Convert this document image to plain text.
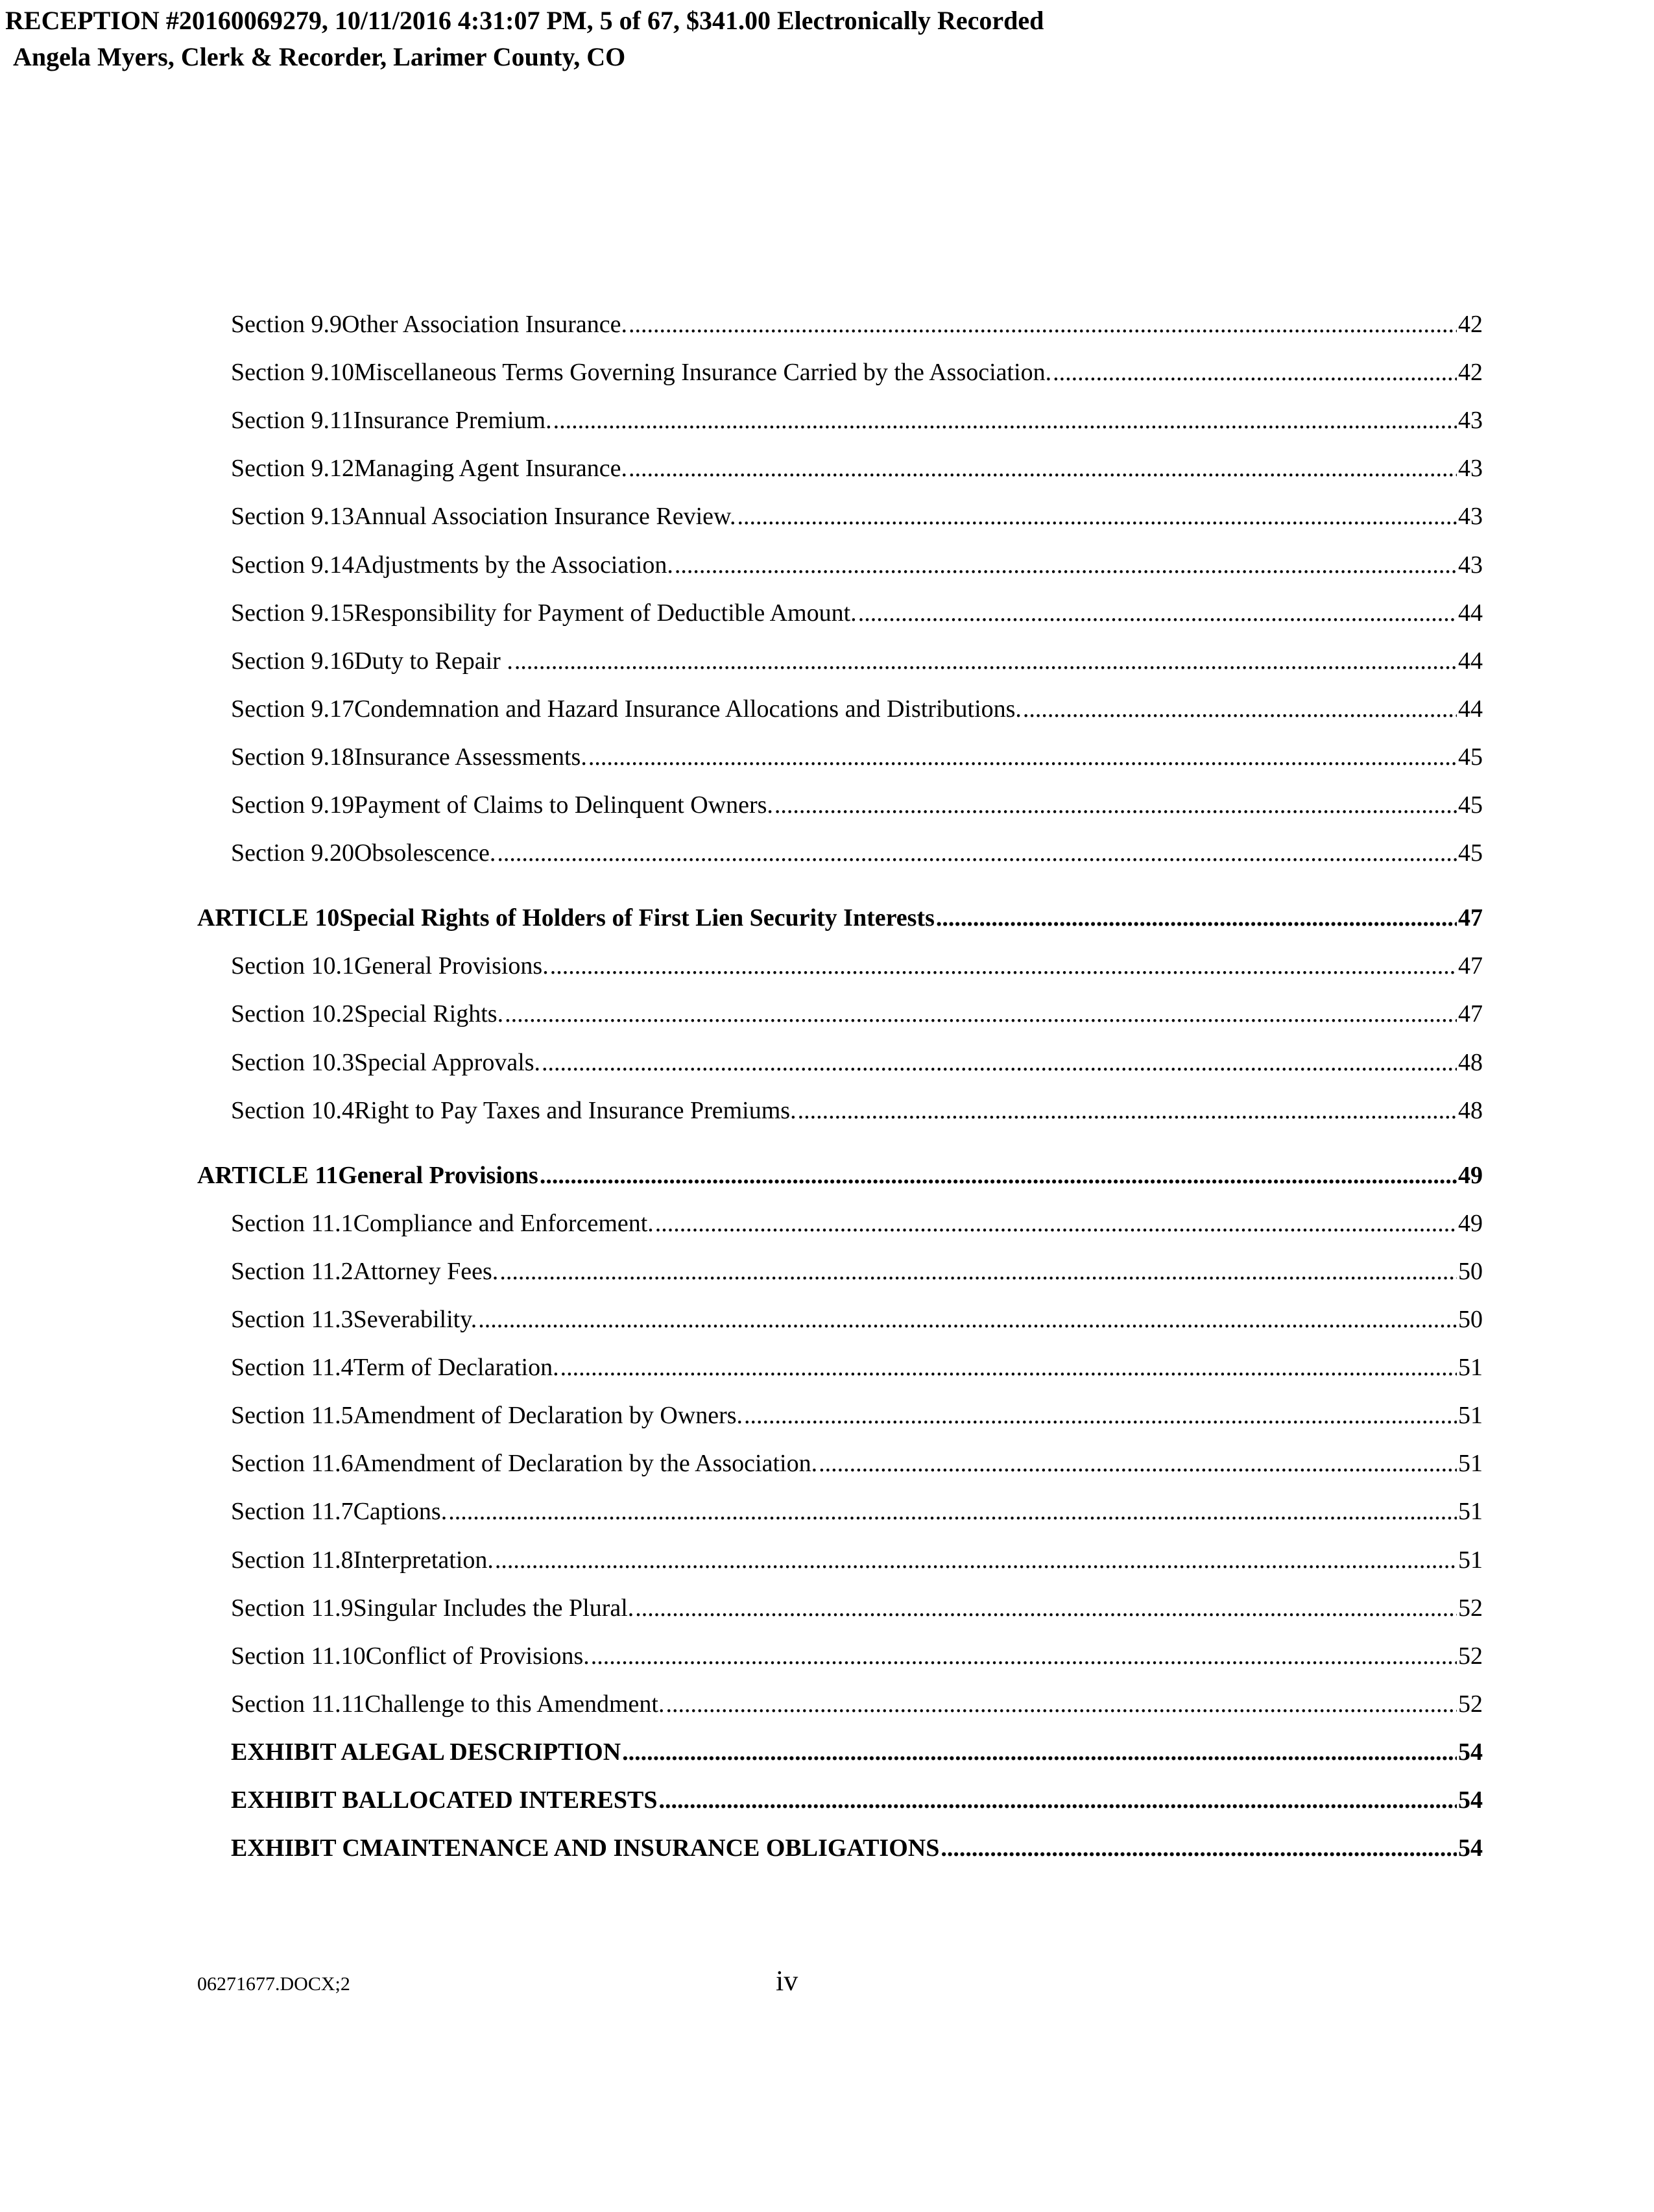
RECEPTION #20160069279, 10/11/2016 4:31:07 PM, 5 of 67, $341.00 Electronically Recorded
Angela Myers, Clerk & Recorder, Larimer County, CO
Section 9.9 Other Association Insurance. .....	42
Section 9.10 Miscellaneous Terms Governing Insurance Carried by the Association. .....	42
Section 9.11 Insurance Premium. .....	43
Section 9.12 Managing Agent Insurance. .....	43
Section 9.13 Annual Association Insurance Review. .....	43
Section 9.14 Adjustments by the Association. .....	43
Section 9.15 Responsibility for Payment of Deductible Amount. .....	44
Section 9.16 Duty to Repair . .....	44
Section 9.17 Condemnation and Hazard Insurance Allocations and Distributions. .....	44
Section 9.18 Insurance Assessments. .....	45
Section 9.19 Payment of Claims to Delinquent Owners. .....	45
Section 9.20 Obsolescence. .....	45
ARTICLE 10 Special Rights of Holders of First Lien Security Interests .....	47
Section 10.1 General Provisions. .....	47
Section 10.2 Special Rights. .....	47
Section 10.3 Special Approvals. .....	48
Section 10.4 Right to Pay Taxes and Insurance Premiums. .....	48
ARTICLE 11 General Provisions .....	49
Section 11.1 Compliance and Enforcement. .....	49
Section 11.2 Attorney Fees. .....	50
Section 11.3 Severability. .....	50
Section 11.4 Term of Declaration. .....	51
Section 11.5 Amendment of Declaration by Owners. .....	51
Section 11.6 Amendment of Declaration by the Association. .....	51
Section 11.7 Captions. .....	51
Section 11.8 Interpretation. .....	51
Section 11.9 Singular Includes the Plural. .....	52
Section 11.10 Conflict of Provisions. .....	52
Section 11.11 Challenge to this Amendment. .....	52
EXHIBIT A LEGAL DESCRIPTION .....	54
EXHIBIT B ALLOCATED INTERESTS .....	54
EXHIBIT C MAINTENANCE AND INSURANCE OBLIGATIONS .....	54
06271677.DOCX;2	iv
